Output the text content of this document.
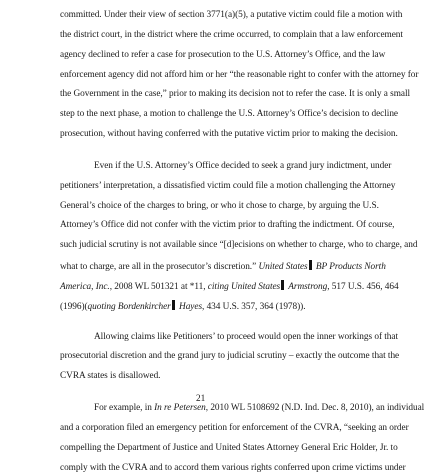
committed. Under their view of section 3771(a)(5), a putative victim could file a motion with
the district court, in the district where the crime occurred, to complain that a law enforcement
agency declined to refer a case for prosecution to the U.S. Attorney’s Office, and the law
enforcement agency did not afford him or her “the reasonable right to confer with the attorney for
the Government in the case,” prior to making its decision not to refer the case. It is only a small
step to the next phase, a motion to challenge the U.S. Attorney’s Office’s decision to decline
prosecution, without having conferred with the putative victim prior to making the decision.
Even if the U.S. Attorney’s Office decided to seek a grand jury indictment, under
petitioners’ interpretation, a dissatisfied victim could file a motion challenging the Attorney
General’s choice of the charges to bring, or who it chose to charge, by arguing the U.S.
Attorney’s Office did not confer with the victim prior to drafting the indictment. Of course,
such judicial scrutiny is not available since “[d]ecisions on whether to charge, who to charge, and
what to charge, are all in the prosecutor’s discretion.” United States BP Products North
America, Inc., 2008 WL 501321 at *11, citing United States Armstrong, 517 U.S. 456, 464
(1996)(quoting Bordenkircher Hayes, 434 U.S. 357, 364 (1978)).
Allowing claims like Petitioners’ to proceed would open the inner workings of that
prosecutorial discretion and the grand jury to judicial scrutiny – exactly the outcome that the
CVRA states is disallowed.
For example, in In re Petersen, 2010 WL 5108692 (N.D. Ind. Dec. 8, 2010), an individual
and a corporation filed an emergency petition for enforcement of the CVRA, “seeking an order
compelling the Department of Justice and United States Attorney General Eric Holder, Jr. to
comply with the CVRA and to accord them various rights conferred upon crime victims under
21
